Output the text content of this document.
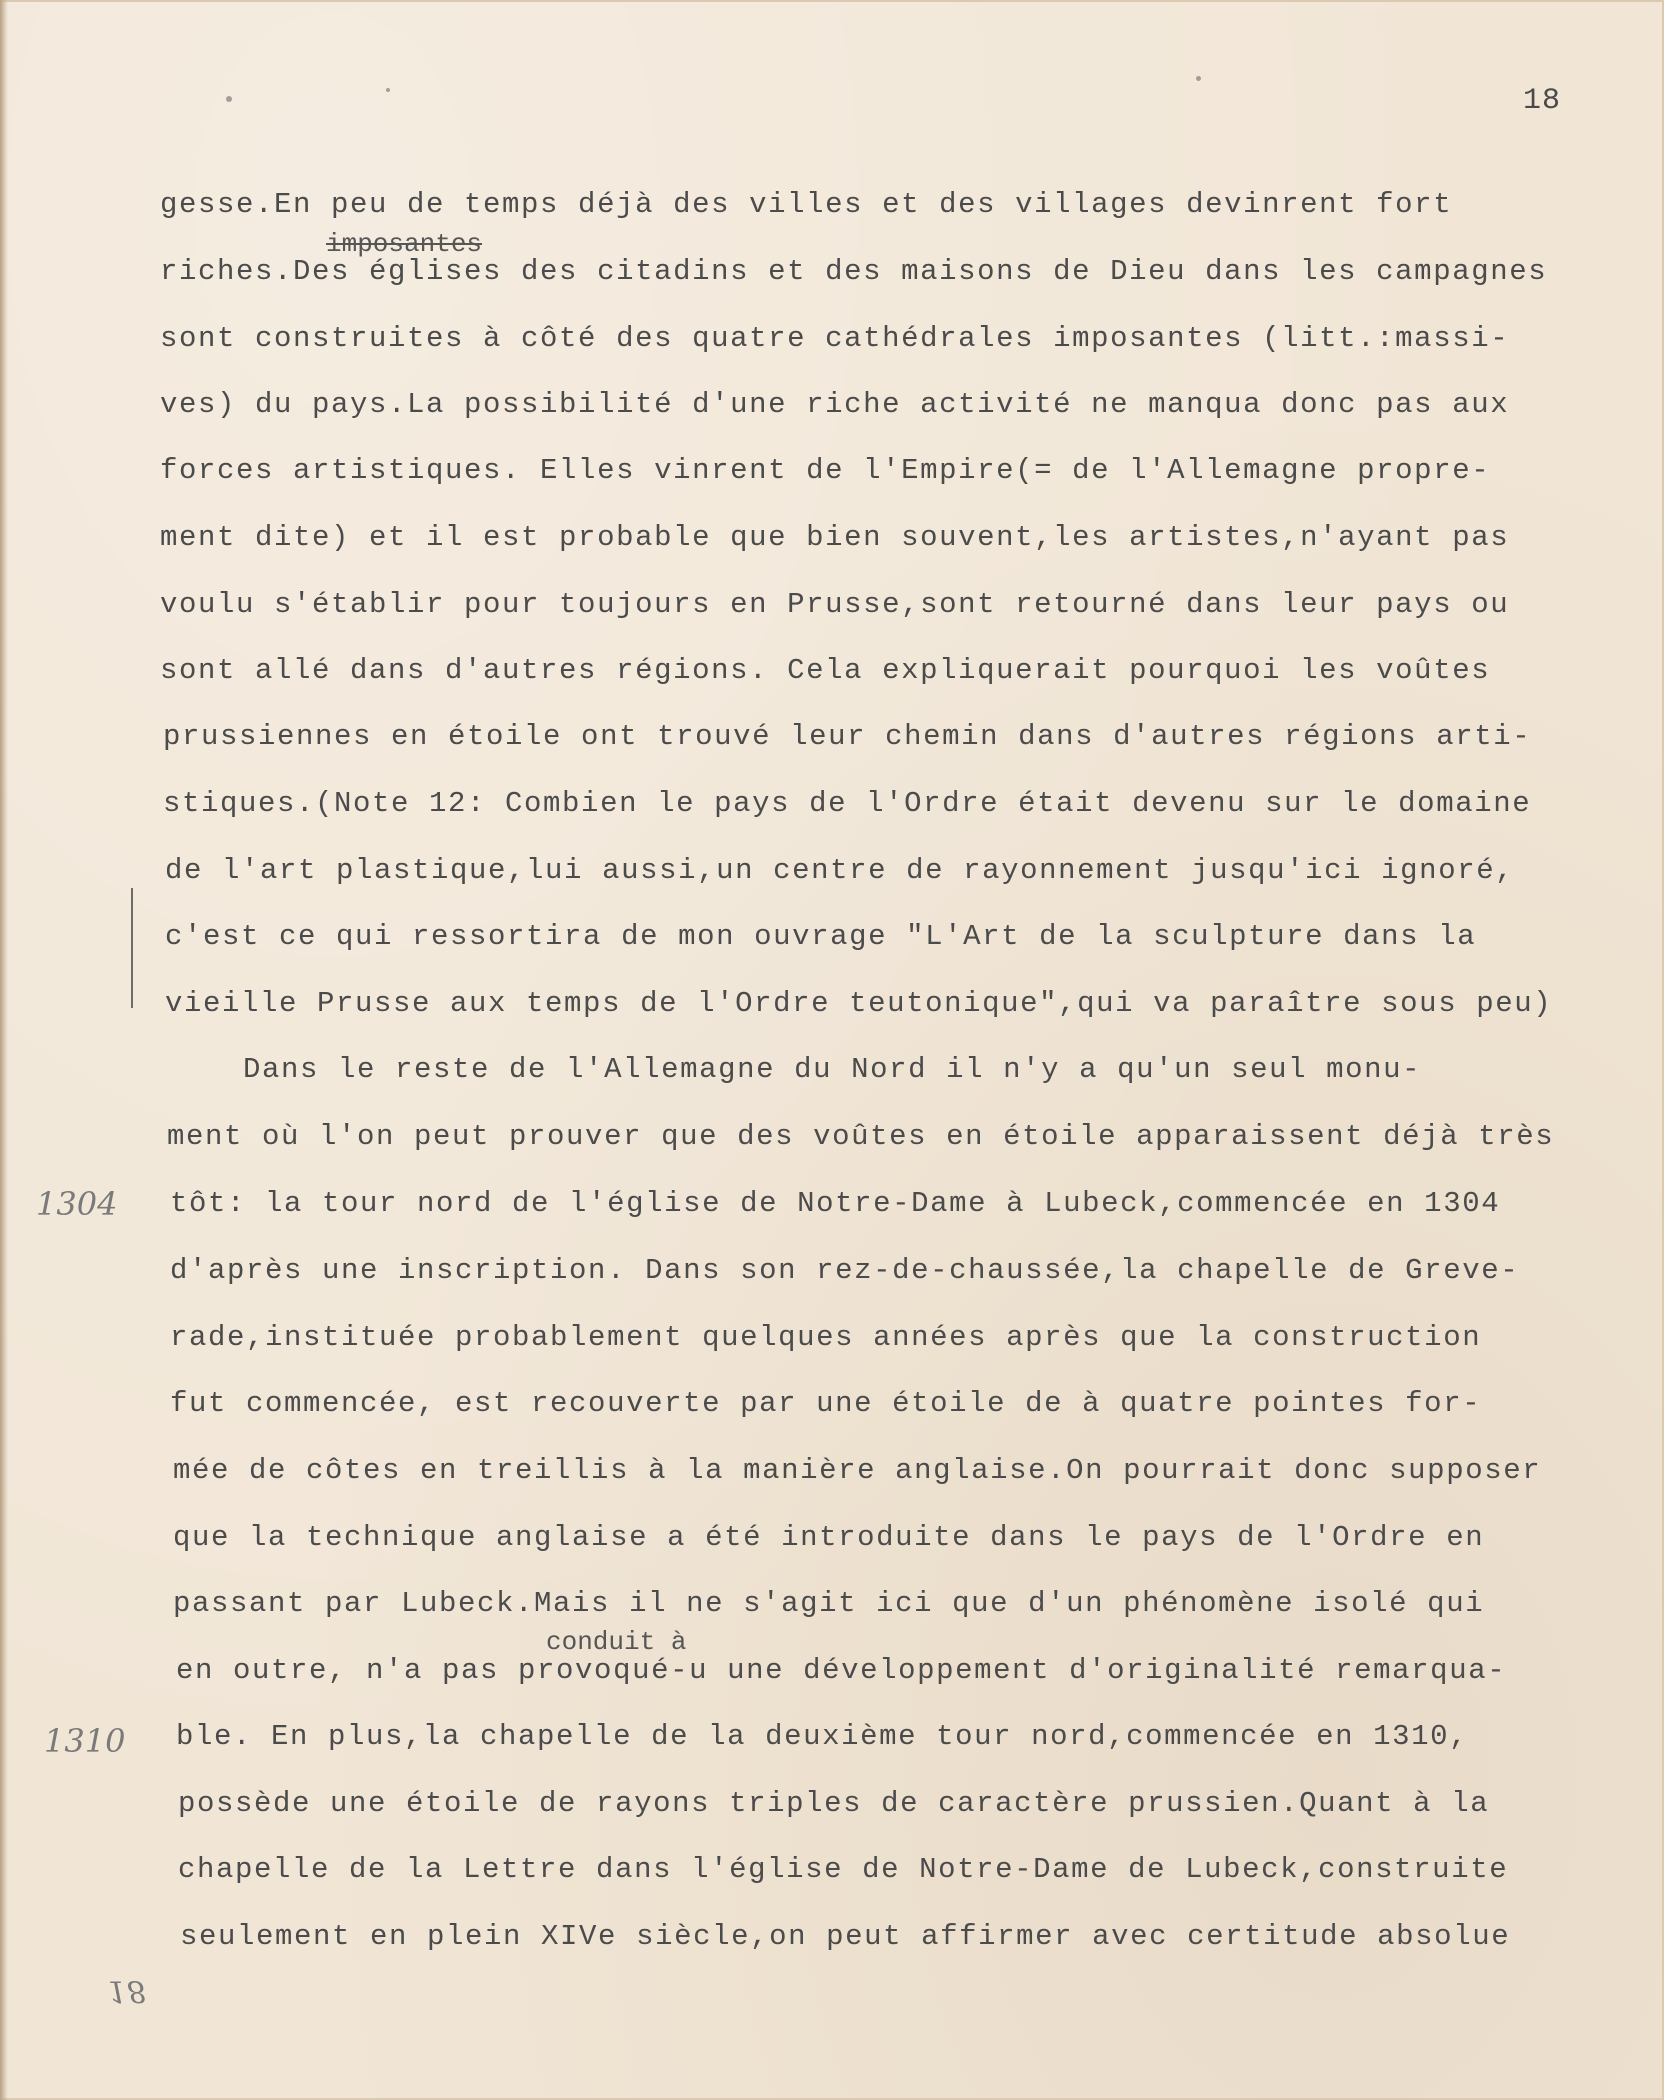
18
imposantes
conduit à
1304
1310
18
gesse.En peu de temps déjà des villes et des villages devinrent fort
riches.Des églises des citadins et des maisons de Dieu dans les campagnes
sont construites à côté des quatre cathédrales imposantes (litt.:massi-
ves) du pays.La possibilité d'une riche activité ne manqua donc pas aux
forces artistiques. Elles vinrent de l'Empire(= de l'Allemagne propre-
ment dite) et il est probable que bien souvent,les artistes,n'ayant pas
voulu s'établir pour toujours en Prusse,sont retourné dans leur pays ou
sont allé dans d'autres régions. Cela expliquerait pourquoi les voûtes
prussiennes en étoile ont trouvé leur chemin dans d'autres régions arti-
stiques.(Note 12: Combien le pays de l'Ordre était devenu sur le domaine
de l'art plastique,lui aussi,un centre de rayonnement jusqu'ici ignoré,
c'est ce qui ressortira de mon ouvrage "L'Art de la sculpture dans la
vieille Prusse aux temps de l'Ordre teutonique",qui va paraître sous peu)
Dans le reste de l'Allemagne du Nord il n'y a qu'un seul monu-
ment où l'on peut prouver que des voûtes en étoile apparaissent déjà très
tôt: la tour nord de l'église de Notre-Dame à Lubeck,commencée en 1304
d'après une inscription. Dans son rez-de-chaussée,la chapelle de Greve-
rade,instituée probablement quelques années après que la construction
fut commencée, est recouverte par une étoile de à quatre pointes for-
mée de côtes en treillis à la manière anglaise.On pourrait donc supposer
que la technique anglaise a été introduite dans le pays de l'Ordre en
passant par Lubeck.Mais il ne s'agit ici que d'un phénomène isolé qui
en outre, n'a pas provoqué-u une développement d'originalité remarqua-
ble. En plus,la chapelle de la deuxième tour nord,commencée en 1310,
possède une étoile de rayons triples de caractère prussien.Quant à la
chapelle de la Lettre dans l'église de Notre-Dame de Lubeck,construite
seulement en plein XIVe siècle,on peut affirmer avec certitude absolue
